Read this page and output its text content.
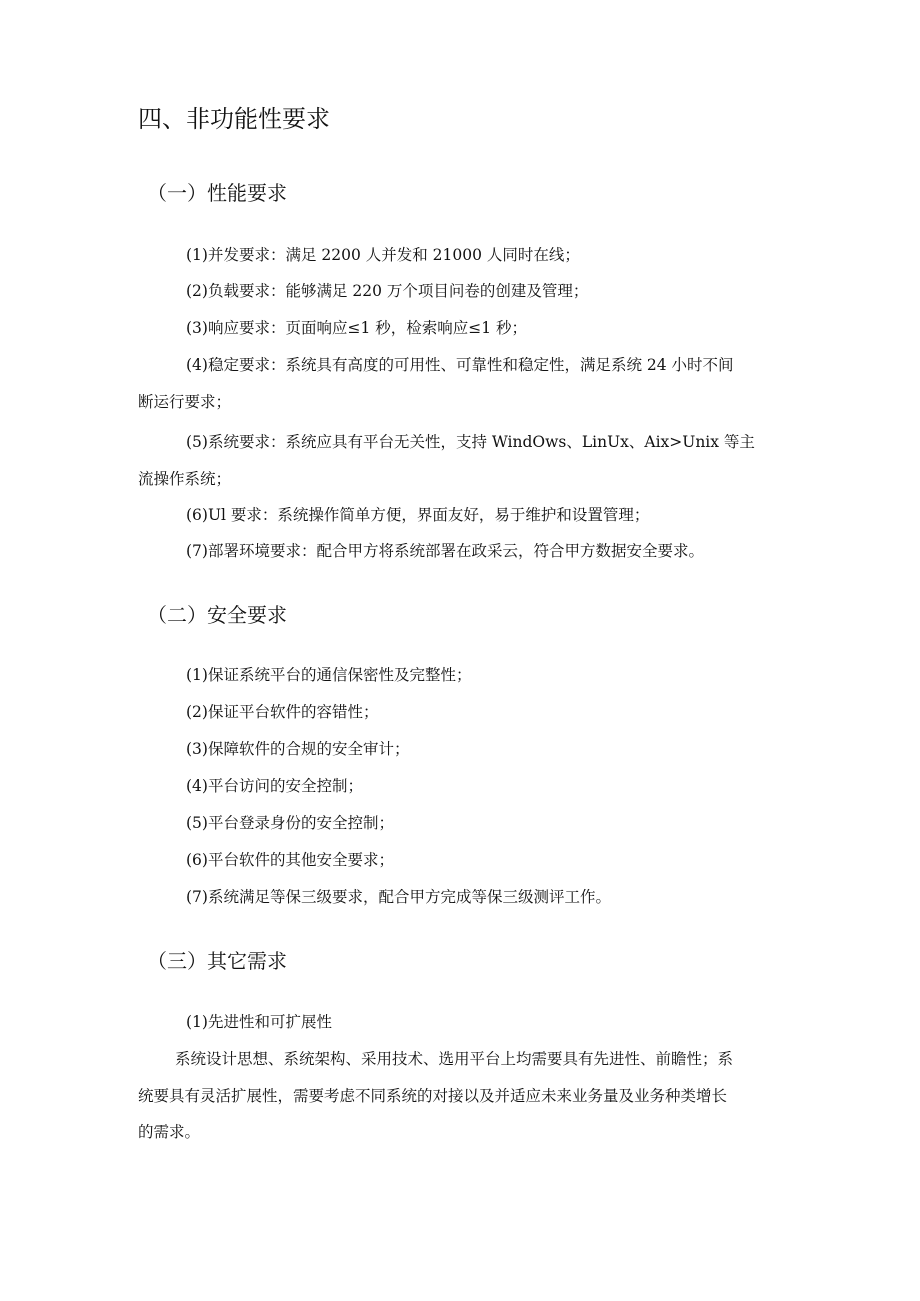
四、非功能性要求
（一）性能要求
(1)并发要求：满足 2200 人并发和 21000 人同时在线；
(2)负载要求：能够满足 220 万个项目问卷的创建及管理；
(3)响应要求：页面响应≤1 秒，检索响应≤1 秒；
(4)稳定要求：系统具有高度的可用性、可靠性和稳定性，满足系统 24 小时不间
断运行要求；
(5)系统要求：系统应具有平台无关性，支持 WindOws、LinUx、Aix>Unix 等主
流操作系统；
(6)Ul 要求：系统操作简单方便，界面友好，易于维护和设置管理；
(7)部署环境要求：配合甲方将系统部署在政采云，符合甲方数据安全要求。
（二）安全要求
(1)保证系统平台的通信保密性及完整性；
(2)保证平台软件的容错性；
(3)保障软件的合规的安全审计；
(4)平台访问的安全控制；
(5)平台登录身份的安全控制；
(6)平台软件的其他安全要求；
(7)系统满足等保三级要求，配合甲方完成等保三级测评工作。
（三）其它需求
(1)先进性和可扩展性
系统设计思想、系统架构、采用技术、选用平台上均需要具有先进性、前瞻性；系
统要具有灵活扩展性，需要考虑不同系统的对接以及并适应未来业务量及业务种类增长
的需求。
